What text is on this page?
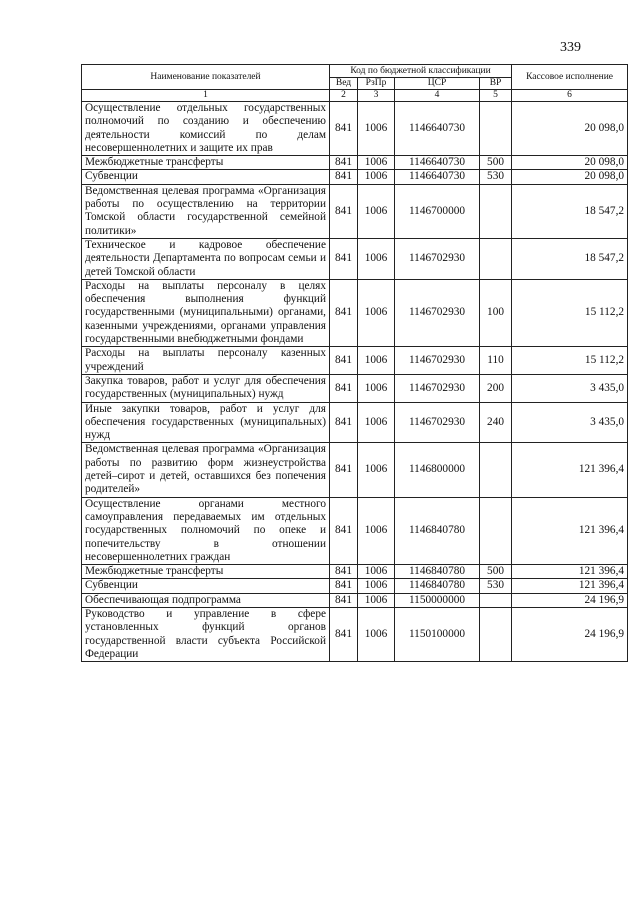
339
Наименование показателей	Код по бюджетной классификации				Кассовое исполнение
	Вед	РзПр	ЦСР	ВР	
1	2	3	4	5	6
Осуществление отдельных государственных полномочий по созданию и обеспечению деятельности комиссий по делам несовершеннолетних и защите их прав	841	1006	1146640730		20 098,0
Межбюджетные трансферты	841	1006	1146640730	500	20 098,0
Субвенции	841	1006	1146640730	530	20 098,0
Ведомственная целевая программа «Организация работы по осуществлению на территории Томской области государственной семейной политики»	841	1006	1146700000		18 547,2
Техническое и кадровое обеспечение деятельности Департамента по вопросам семьи и детей Томской области	841	1006	1146702930		18 547,2
Расходы на выплаты персоналу в целях обеспечения выполнения функций государственными (муниципальными) органами, казенными учреждениями, органами управления государственными внебюджетными фондами	841	1006	1146702930	100	15 112,2
Расходы на выплаты персоналу казенных учреждений	841	1006	1146702930	110	15 112,2
Закупка товаров, работ и услуг для обеспечения государственных (муниципальных) нужд	841	1006	1146702930	200	3 435,0
Иные закупки товаров, работ и услуг для обеспечения государственных (муниципальных) нужд	841	1006	1146702930	240	3 435,0
Ведомственная целевая программа «Организация работы по развитию форм жизнеустройства детей–сирот и детей, оставшихся без попечения родителей»	841	1006	1146800000		121 396,4
Осуществление органами местного самоуправления передаваемых им отдельных государственных полномочий по опеке и попечительству в отношении несовершеннолетних граждан	841	1006	1146840780		121 396,4
Межбюджетные трансферты	841	1006	1146840780	500	121 396,4
Субвенции	841	1006	1146840780	530	121 396,4
Обеспечивающая подпрограмма	841	1006	1150000000		24 196,9
Руководство и управление в сфере установленных функций органов государственной власти субъекта Российской Федерации	841	1006	1150100000		24 196,9
